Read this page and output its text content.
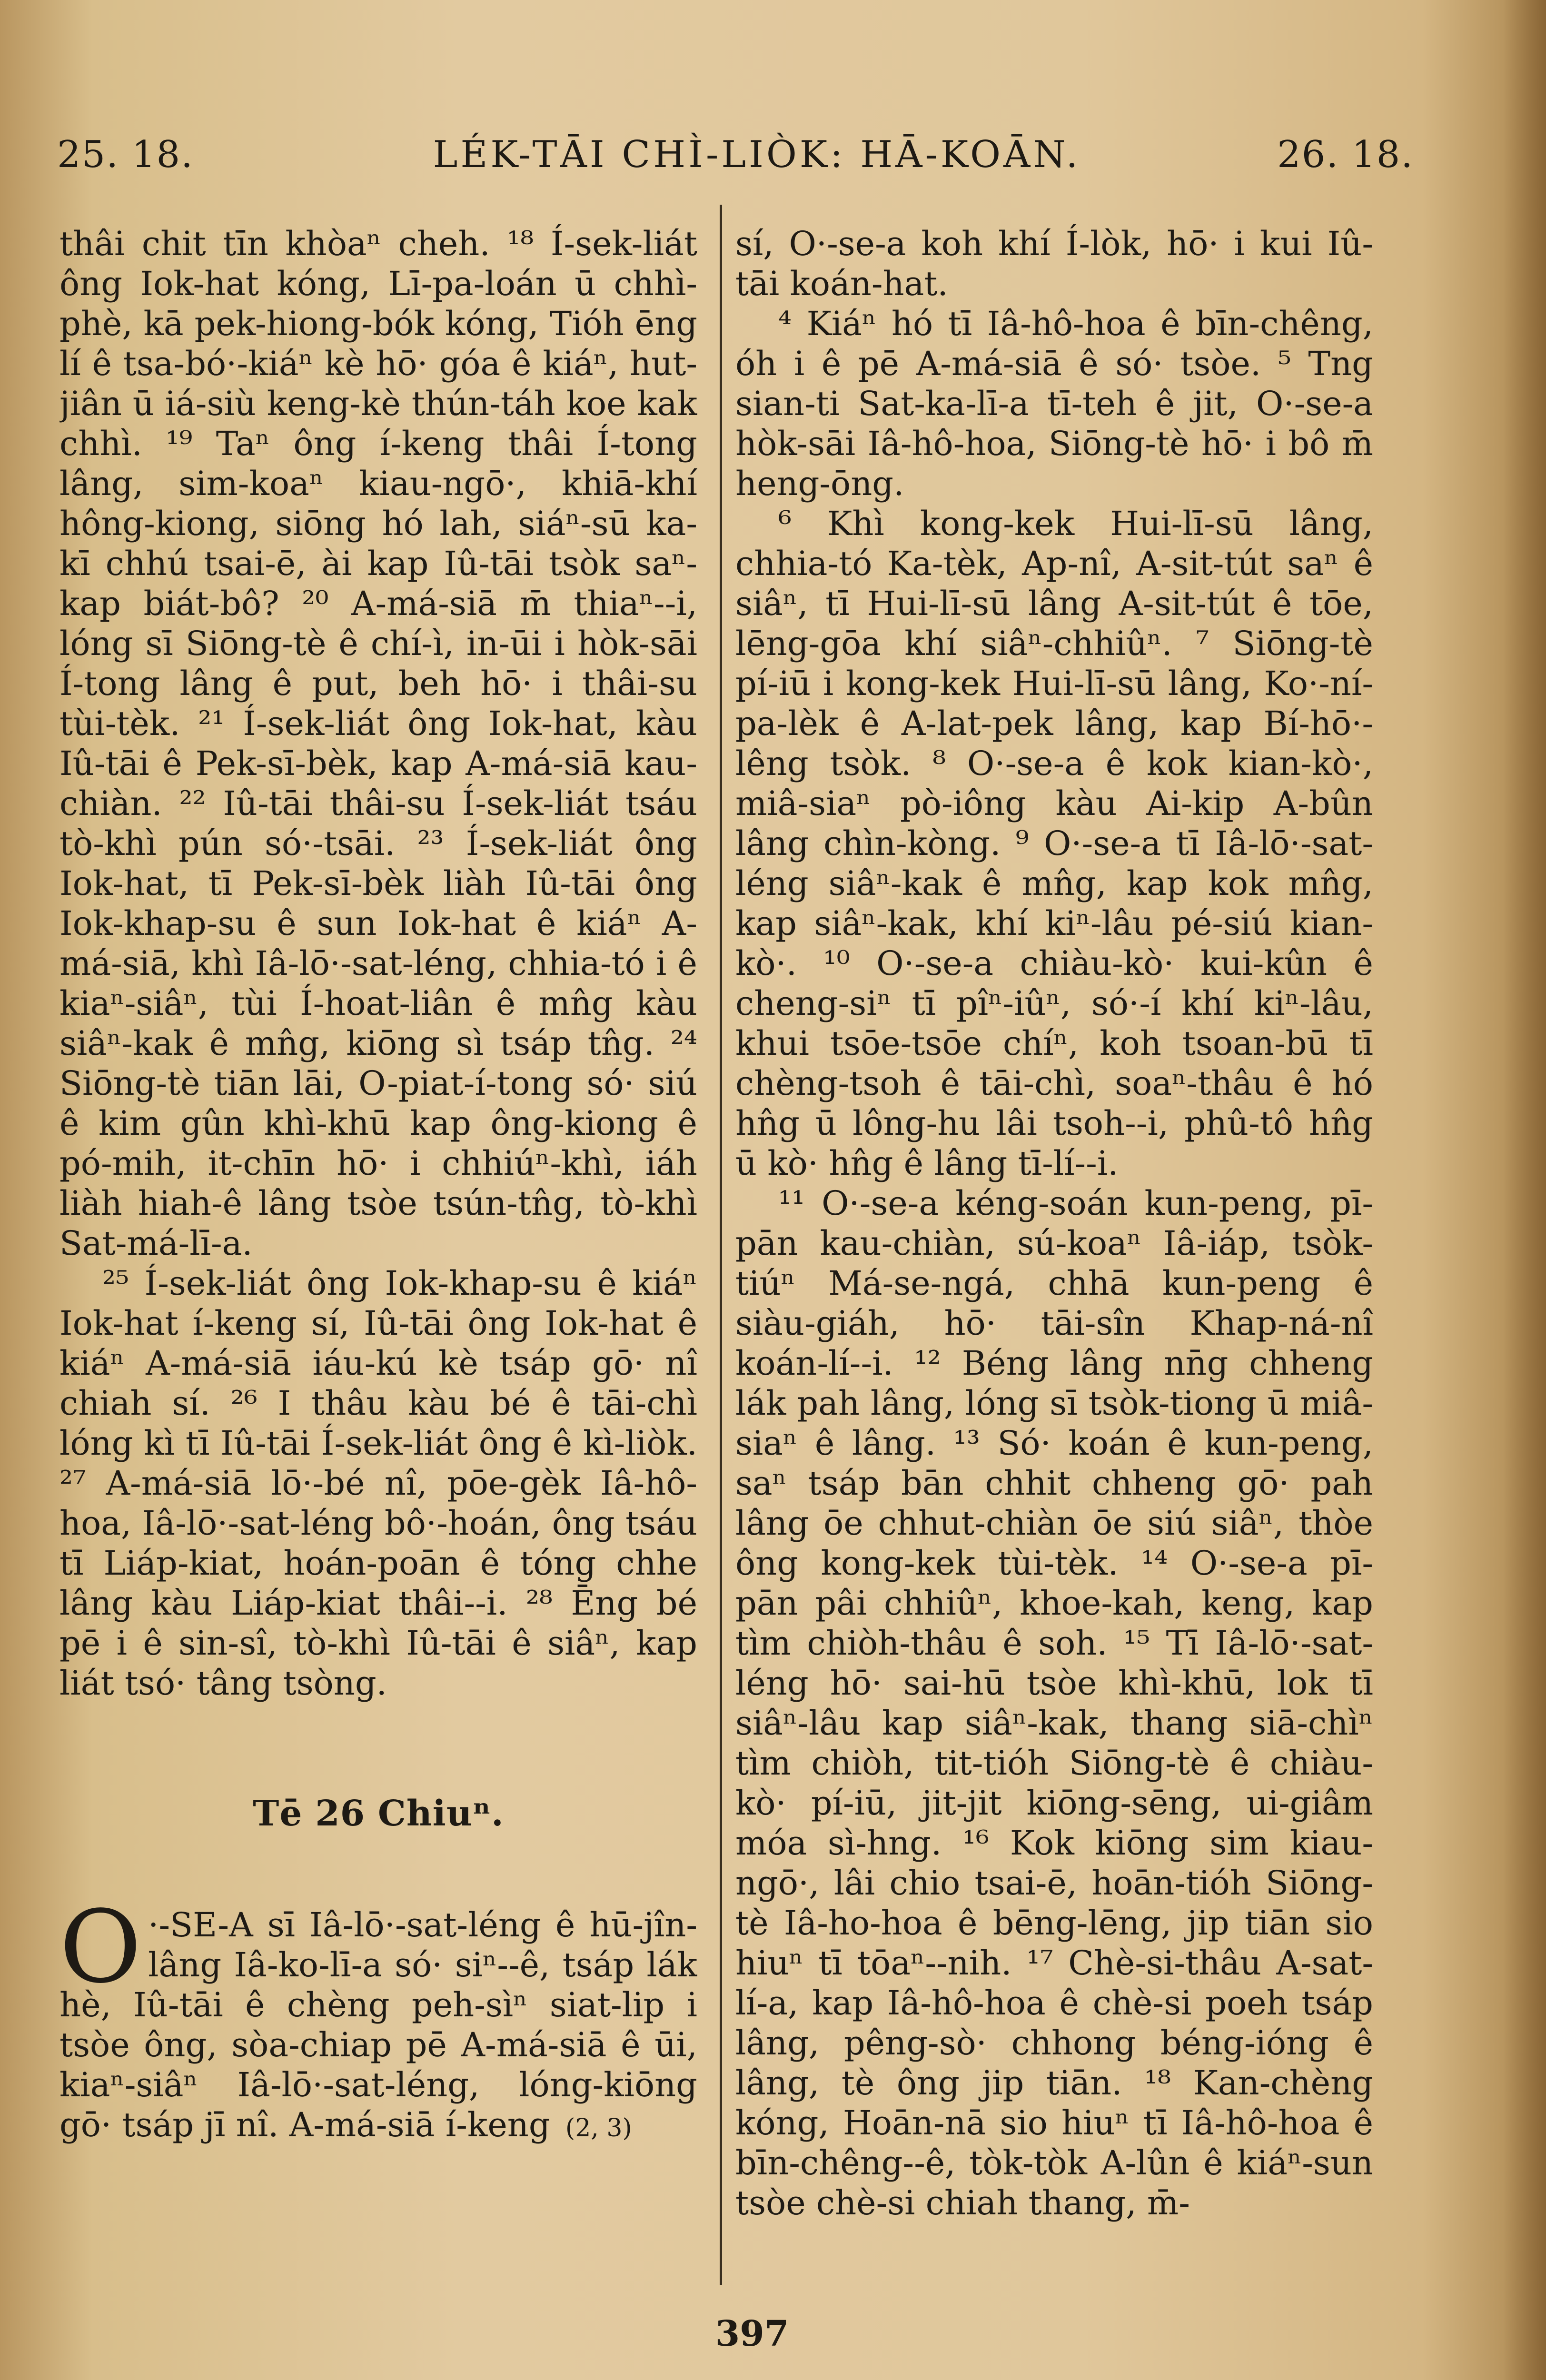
25. 18.	LÉK-TĀI CHÌ-LIÒK: HĀ-KOĀN.	26. 18.

thâi chit tīn khòaⁿ cheh. ¹⁸ Í-sek-liát ông Iok-hat kóng, Lī-pa-loán ū chhì-phè, kā pek-hiong-bók kóng, Tióh ēng lí ê tsa-bó·-kiáⁿ kè hō· góa ê kiáⁿ, hut-jiân ū iá-siù keng-kè thún-táh koe kak chhì. ¹⁹ Taⁿ ông í-keng thâi Í-tong lâng, sim-koaⁿ kiau-ngō·, khiā-khí hông-kiong, siōng hó lah, siáⁿ-sū ka-kī chhú tsai-ē, ài kap Iû-tāi tsòk saⁿ-kap biát-bô? ²⁰ A-má-siā m̄ thiaⁿ--i, lóng sī Siōng-tè ê chí-ì, in-ūi i hòk-sāi Í-tong lâng ê put, beh hō· i thâi-su tùi-tèk. ²¹ Í-sek-liát ông Iok-hat, kàu Iû-tāi ê Pek-sī-bèk, kap A-má-siā kau-chiàn. ²² Iû-tāi thâi-su Í-sek-liát tsáu tò-khì pún só·-tsāi. ²³ Í-sek-liát ông Iok-hat, tī Pek-sī-bèk liàh Iû-tāi ông Iok-khap-su ê sun Iok-hat ê kiáⁿ A-má-siā, khì Iâ-lō·-sat-léng, chhia-tó i ê kiaⁿ-siâⁿ, tùi Í-hoat-liân ê mn̂g kàu siâⁿ-kak ê mn̂g, kiōng sì tsáp tn̂g. ²⁴ Siōng-tè tiān lāi, O-piat-í-tong só· siú ê kim gûn khì-khū kap ông-kiong ê pó-mih, it-chīn hō· i chhiúⁿ-khì, iáh liàh hiah-ê lâng tsòe tsún-tn̂g, tò-khì Sat-má-lī-a.

²⁵ Í-sek-liát ông Iok-khap-su ê kiáⁿ Iok-hat í-keng sí, Iû-tāi ông Iok-hat ê kiáⁿ A-má-siā iáu-kú kè tsáp gō· nî chiah sí. ²⁶ I thâu kàu bé ê tāi-chì lóng kì tī Iû-tāi Í-sek-liát ông ê kì-liòk. ²⁷ A-má-siā lō·-bé nî, pōe-gèk Iâ-hô-hoa, Iâ-lō·-sat-léng bô·-hoán, ông tsáu tī Liáp-kiat, hoán-poān ê tóng chhe lâng kàu Liáp-kiat thâi--i. ²⁸ Ēng bé pē i ê sin-sî, tò-khì Iû-tāi ê siâⁿ, kap liát tsó· tâng tsòng.

Tē 26 Chiuⁿ.

O ·-SE-A sī Iâ-lō·-sat-léng ê hū-jîn-lâng Iâ-ko-lī-a só· siⁿ--ê, tsáp lák hè, Iû-tāi ê chèng peh-sìⁿ siat-lip i tsòe ông, sòa-chiap pē A-má-siā ê ūi, kiaⁿ-siâⁿ Iâ-lō·-sat-léng, lóng-kiōng gō· tsáp jī nî. A-má-siā í-keng (2, 3)

sí, O·-se-a koh khí Í-lòk, hō· i kui Iû-tāi koán-hat.

⁴ Kiáⁿ hó tī Iâ-hô-hoa ê bīn-chêng, óh i ê pē A-má-siā ê só· tsòe. ⁵ Tng sian-ti Sat-ka-lī-a tī-teh ê jit, O·-se-a hòk-sāi Iâ-hô-hoa, Siōng-tè hō· i bô m̄ heng-ōng.

⁶ Khì kong-kek Hui-lī-sū lâng, chhia-tó Ka-tèk, Ap-nî, A-sit-tút saⁿ ê siâⁿ, tī Hui-lī-sū lâng A-sit-tút ê tōe, lēng-gōa khí siâⁿ-chhiûⁿ. ⁷ Siōng-tè pí-iū i kong-kek Hui-lī-sū lâng, Ko·-ní-pa-lèk ê A-lat-pek lâng, kap Bí-hō·-lêng tsòk. ⁸ O·-se-a ê kok kian-kò·, miâ-siaⁿ pò-iông kàu Ai-kip A-bûn lâng chìn-kòng. ⁹ O·-se-a tī Iâ-lō·-sat-léng siâⁿ-kak ê mn̂g, kap kok mn̂g, kap siâⁿ-kak, khí kiⁿ-lâu pé-siú kian-kò·. ¹⁰ O·-se-a chiàu-kò· kui-kûn ê cheng-siⁿ tī pîⁿ-iûⁿ, só·-í khí kiⁿ-lâu, khui tsōe-tsōe chíⁿ, koh tsoan-bū tī chèng-tsoh ê tāi-chì, soaⁿ-thâu ê hó hn̂g ū lông-hu lâi tsoh--i, phû-tô hn̂g ū kò· hn̂g ê lâng tī-lí--i.

¹¹ O·-se-a kéng-soán kun-peng, pī-pān kau-chiàn, sú-koaⁿ Iâ-iáp, tsòk-tiúⁿ Má-se-ngá, chhā kun-peng ê siàu-giáh, hō· tāi-sîn Khap-ná-nî koán-lí--i. ¹² Béng lâng nn̄g chheng lák pah lâng, lóng sī tsòk-tiong ū miâ-siaⁿ ê lâng. ¹³ Só· koán ê kun-peng, saⁿ tsáp bān chhit chheng gō· pah lâng ōe chhut-chiàn ōe siú siâⁿ, thòe ông kong-kek tùi-tèk. ¹⁴ O·-se-a pī-pān pâi chhiûⁿ, khoe-kah, keng, kap tìm chiòh-thâu ê soh. ¹⁵ Tī Iâ-lō·-sat-léng hō· sai-hū tsòe khì-khū, lok tī siâⁿ-lâu kap siâⁿ-kak, thang siā-chìⁿ tìm chiòh, tit-tióh Siōng-tè ê chiàu-kò· pí-iū, jit-jit kiōng-sēng, ui-giâm móa sì-hng. ¹⁶ Kok kiōng sim kiau-ngō·, lâi chio tsai-ē, hoān-tióh Siōng-tè Iâ-ho-hoa ê bēng-lēng, jip tiān sio hiuⁿ tī tōaⁿ--nih. ¹⁷ Chè-si-thâu A-sat-lí-a, kap Iâ-hô-hoa ê chè-si poeh tsáp lâng, pêng-sò· chhong béng-ióng ê lâng, tè ông jip tiān. ¹⁸ Kan-chèng kóng, Hoān-nā sio hiuⁿ tī Iâ-hô-hoa ê bīn-chêng--ê, tòk-tòk A-lûn ê kiáⁿ-sun tsòe chè-si chiah thang, m̄-

397
